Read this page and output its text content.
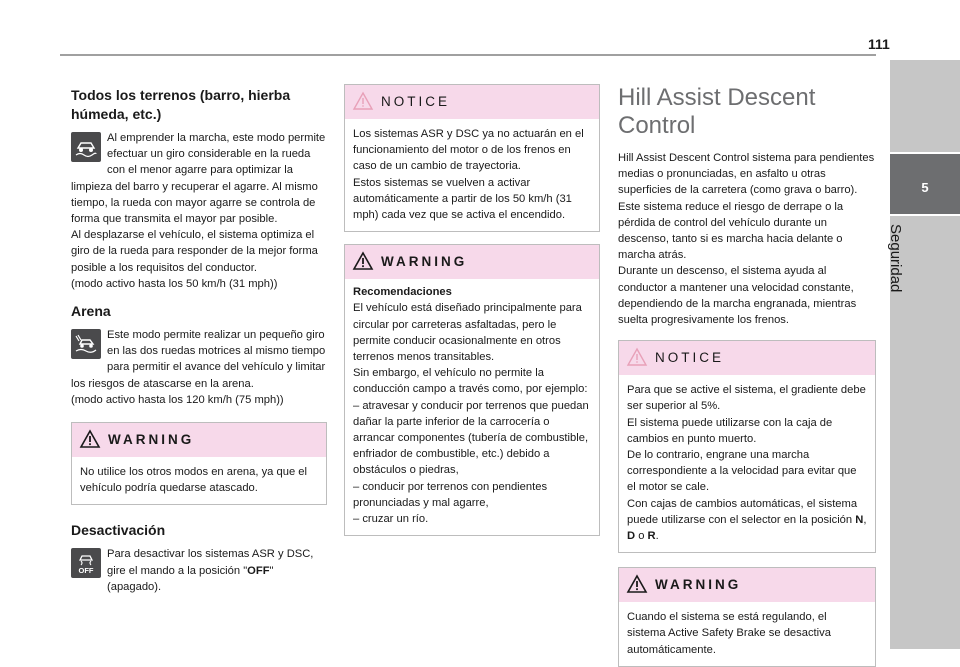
111
5
Seguridad
Todos los terrenos (barro, hierba húmeda, etc.)
Al emprender la marcha, este modo permite efectuar un giro considerable en la rueda con el menor agarre para optimizar la limpieza del barro y recuperar el agarre. Al mismo tiempo, la rueda con mayor agarre se controla de forma que transmita el mayor par posible.
Al desplazarse el vehículo, el sistema optimiza el giro de la rueda para responder de la mejor forma posible a los requisitos del conductor.
(modo activo hasta los 50 km/h (31 mph))
Arena
Este modo permite realizar un pequeño giro en las dos ruedas motrices al mismo tiempo para permitir el avance del vehículo y limitar los riesgos de atascarse en la arena.
(modo activo hasta los 120 km/h (75 mph))
WARNING
No utilice los otros modos en arena, ya que el vehículo podría quedarse atascado.
Desactivación
OFF
Para desactivar los sistemas ASR y DSC, gire el mando a la posición "OFF" (apagado).
NOTICE
Los sistemas ASR y DSC ya no actuarán en el funcionamiento del motor o de los frenos en caso de un cambio de trayectoria.
Estos sistemas se vuelven a activar automáticamente a partir de los 50 km/h (31 mph) cada vez que se activa el encendido.
WARNING
Recomendaciones
El vehículo está diseñado principalmente para circular por carreteras asfaltadas, pero le permite conducir ocasionalmente en otros terrenos menos transitables.
Sin embargo, el vehículo no permite la conducción campo a través como, por ejemplo:
– atravesar y conducir por terrenos que puedan dañar la parte inferior de la carrocería o arrancar componentes (tubería de combustible, enfriador de combustible, etc.) debido a obstáculos o piedras,
– conducir por terrenos con pendientes pronunciadas y mal agarre,
– cruzar un río.
Hill Assist Descent Control
Hill Assist Descent Control sistema para pendientes medias o pronunciadas, en asfalto u otras superficies de la carretera (como grava o barro).
Este sistema reduce el riesgo de derrape o la pérdida de control del vehículo durante un descenso, tanto si es marcha hacia delante o marcha atrás.
Durante un descenso, el sistema ayuda al conductor a mantener una velocidad constante, dependiendo de la marcha engranada, mientras suelta progresivamente los frenos.
NOTICE
Para que se active el sistema, el gradiente debe ser superior al 5%.
El sistema puede utilizarse con la caja de cambios en punto muerto.
De lo contrario, engrane una marcha correspondiente a la velocidad para evitar que el motor se cale.
Con cajas de cambios automáticas, el sistema puede utilizarse con el selector en la posición N,
D o R.
WARNING
Cuando el sistema se está regulando, el sistema Active Safety Brake se desactiva automáticamente.
